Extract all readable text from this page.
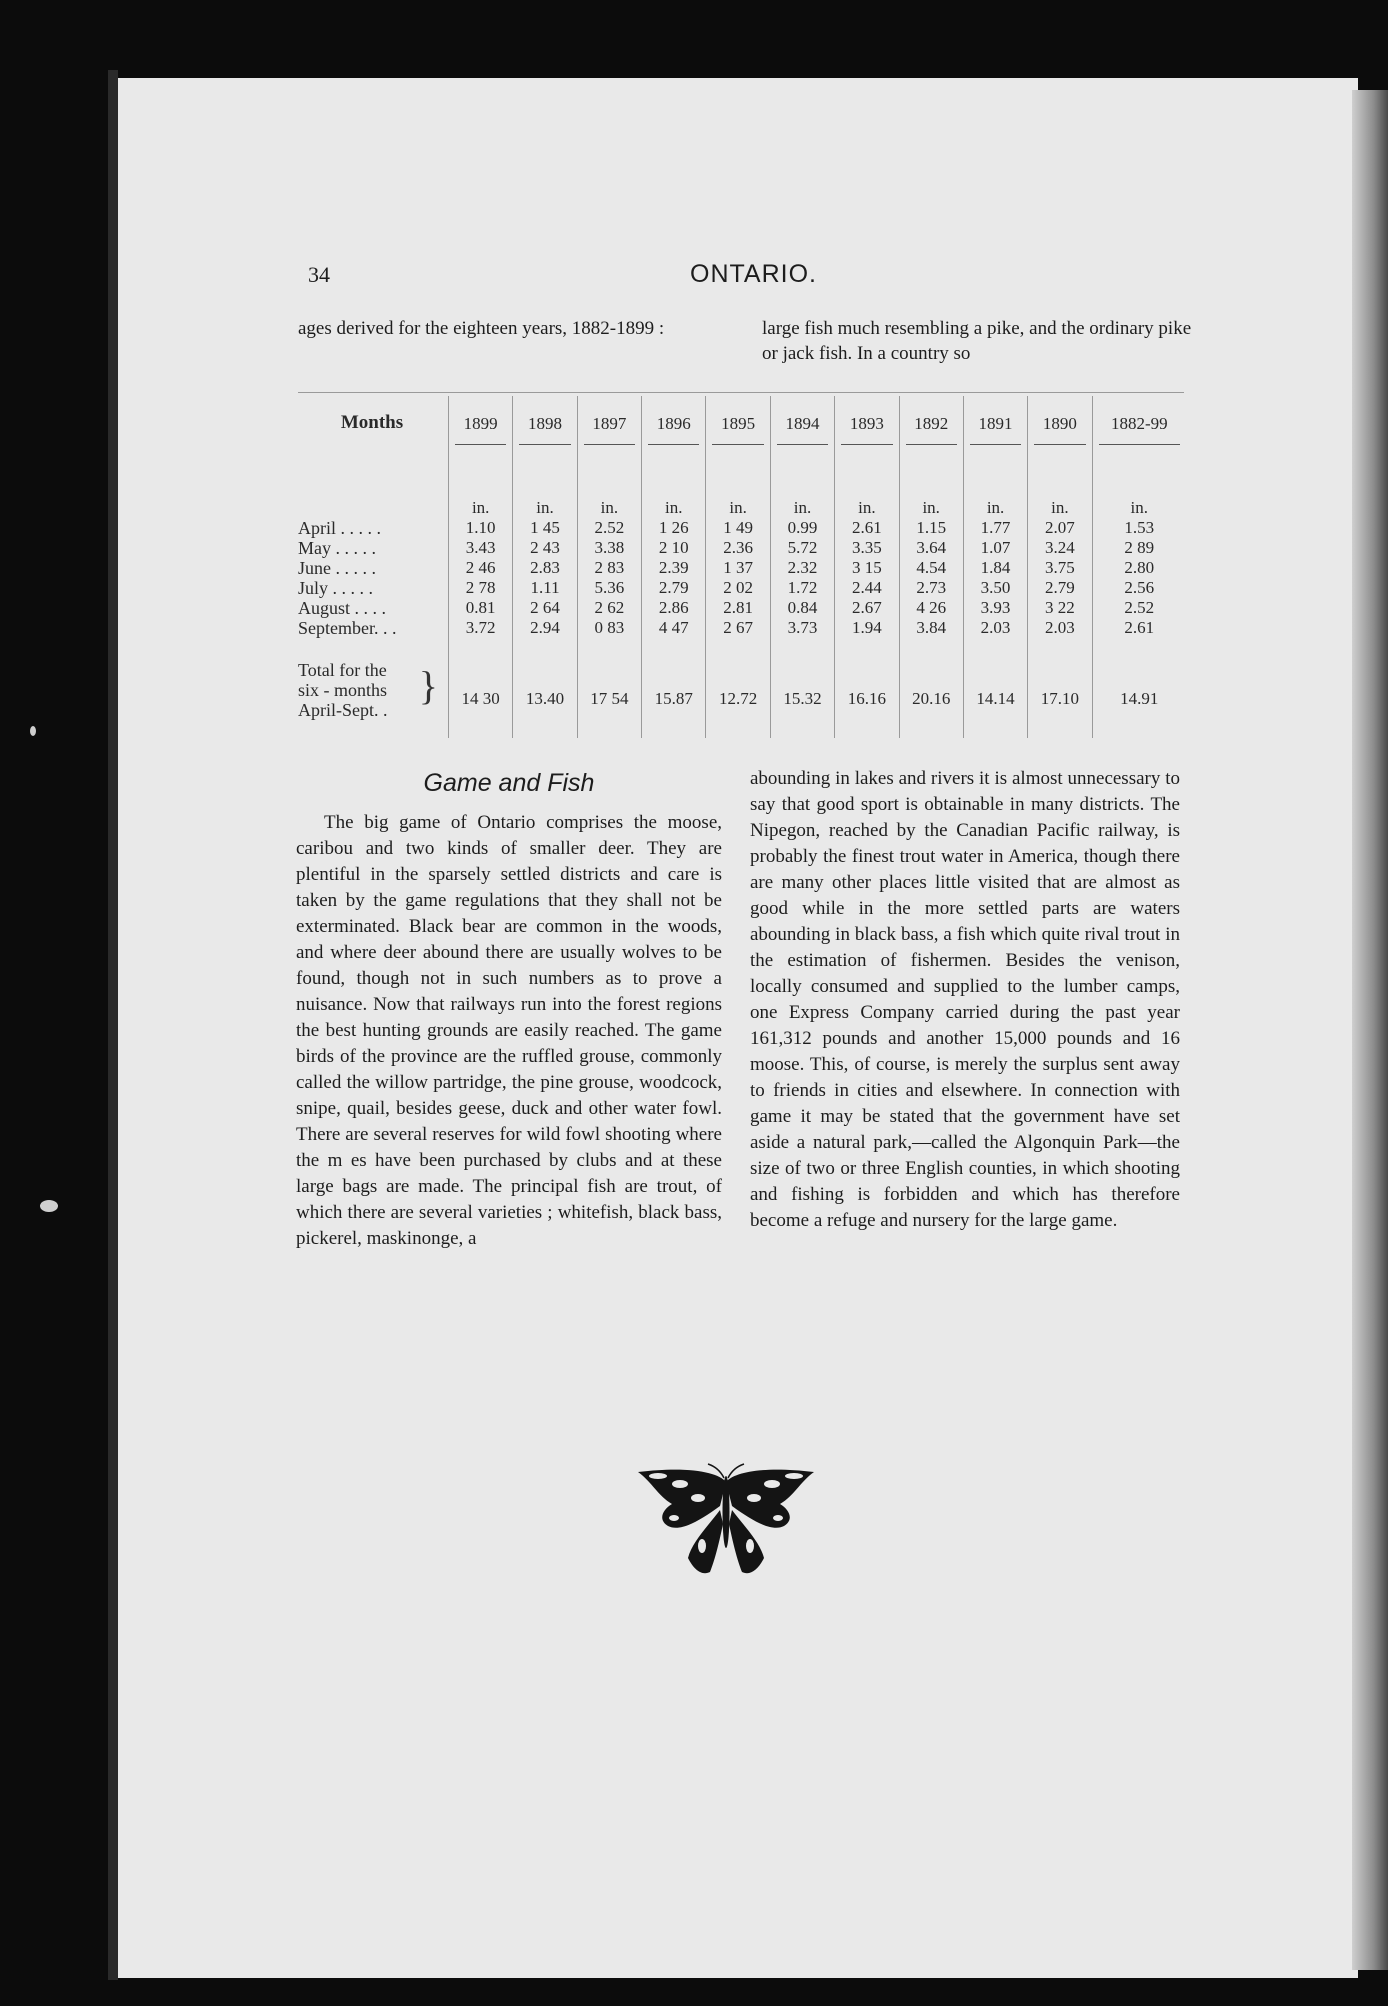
34	ONTARIO.
ages derived for the eighteen years, 1882-1899 :	large fish much resembling a pike, and the ordinary pike or jack fish. In a country so
Months	1899	1898	1897	1896	1895	1894	1893	1892	1891	1890	1882-99

	in.	in.	in.	in.	in.	in.	in.	in.	in.	in.	in.
April . . . . .	1.10	1 45	2.52	1 26	1 49	0.99	2.61	1.15	1.77	2.07	1.53
May . . . . .	3.43	2 43	3.38	2 10	2.36	5.72	3.35	3.64	1.07	3.24	2 89
June . . . . .	2 46	2.83	2 83	2.39	1 37	2.32	3 15	4.54	1.84	3.75	2.80
July . . . . .	2 78	1.11	5.36	2.79	2 02	1.72	2.44	2.73	3.50	2.79	2.56
August . . . .	0.81	2 64	2 62	2.86	2.81	0.84	2.67	4 26	3.93	3 22	2.52
September. . .	3.72	2.94	0 83	4 47	2 67	3.73	1.94	3.84	2.03	2.03	2.61

}
Total for the
six - months
April-Sept. .	14 30	13.40	17 54	15.87	12.72	15.32	16.16	20.16	14.14	17.10	14.91
Game and Fish
The big game of Ontario comprises the moose, caribou and two kinds of smaller deer. They are plentiful in the sparsely settled districts and care is taken by the game regulations that they shall not be exterminated. Black bear are common in the woods, and where deer abound there are usually wolves to be found, though not in such numbers as to prove a nuisance. Now that railways run into the forest regions the best hunting grounds are easily reached. The game birds of the province are the ruffled grouse, commonly called the willow partridge, the pine grouse, woodcock, snipe, quail, besides geese, duck and other water fowl. There are several reserves for wild fowl shooting where the m es have been purchased by clubs and at these large bags are made. The principal fish are trout, of which there are several varieties ; whitefish, black bass, pickerel, maskinonge, a
abounding in lakes and rivers it is almost unnecessary to say that good sport is obtainable in many districts. The Nipegon, reached by the Canadian Pacific railway, is probably the finest trout water in America, though there are many other places little visited that are almost as good while in the more settled parts are waters abounding in black bass, a fish which quite rival trout in the estimation of fishermen. Besides the venison, locally consumed and supplied to the lumber camps, one Express Company carried during the past year 161,312 pounds and another 15,000 pounds and 16 moose. This, of course, is merely the surplus sent away to friends in cities and elsewhere. In connection with game it may be stated that the government have set aside a natural park,—called the Algonquin Park—the size of two or three English counties, in which shooting and fishing is forbidden and which has therefore become a refuge and nursery for the large game.
